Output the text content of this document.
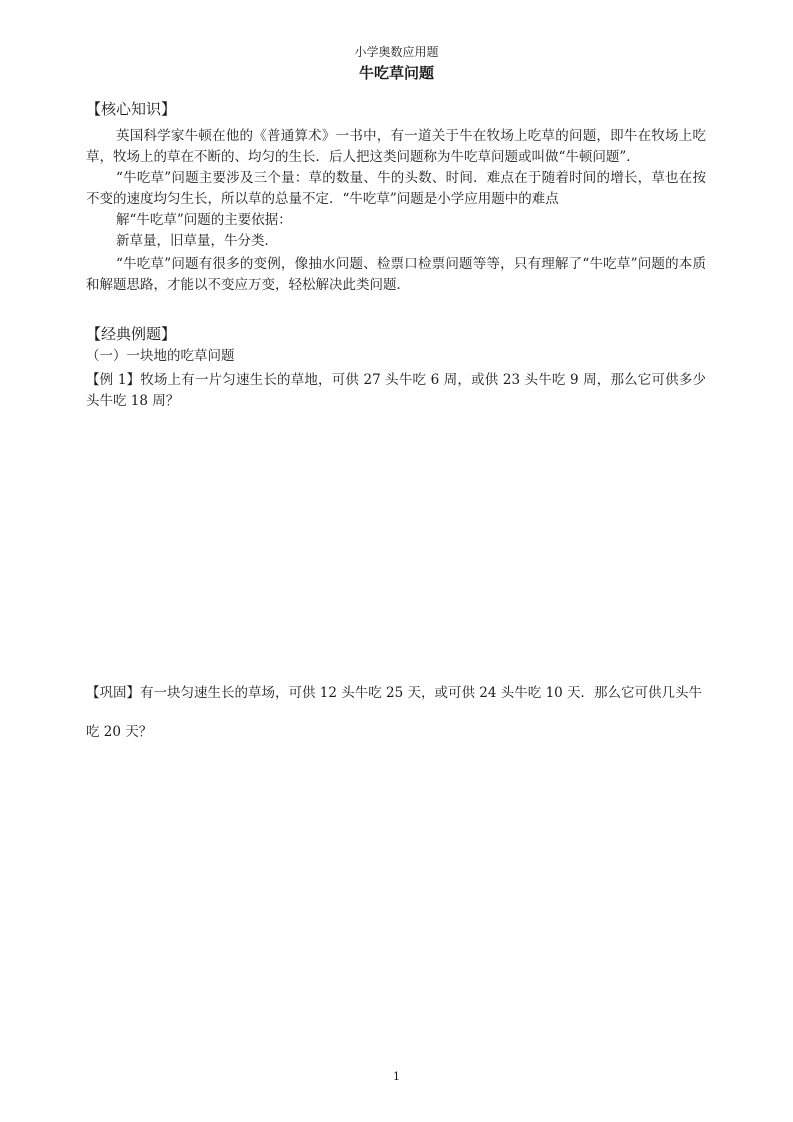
小学奥数应用题
牛吃草问题
【核心知识】
英国科学家牛顿在他的《普通算术》一书中，有一道关于牛在牧场上吃草的问题，即牛在牧场上吃草，牧场上的草在不断的、均匀的生长．后人把这类问题称为牛吃草问题或叫做“牛顿问题”．
“牛吃草”问题主要涉及三个量：草的数量、牛的头数、时间．难点在于随着时间的增长，草也在按不变的速度均匀生长，所以草的总量不定．“牛吃草”问题是小学应用题中的难点
解“牛吃草”问题的主要依据：
新草量，旧草量，牛分类．
“牛吃草”问题有很多的变例，像抽水问题、检票口检票问题等等，只有理解了“牛吃草”问题的本质和解题思路，才能以不变应万变，轻松解决此类问题．
【经典例题】
（一）一块地的吃草问题
【例 1】牧场上有一片匀速生长的草地，可供 27 头牛吃 6 周，或供 23 头牛吃 9 周，那么它可供多少头牛吃 18 周？
【巩固】有一块匀速生长的草场，可供 12 头牛吃 25 天，或可供 24 头牛吃 10 天．那么它可供几头牛
吃 20 天？
1
